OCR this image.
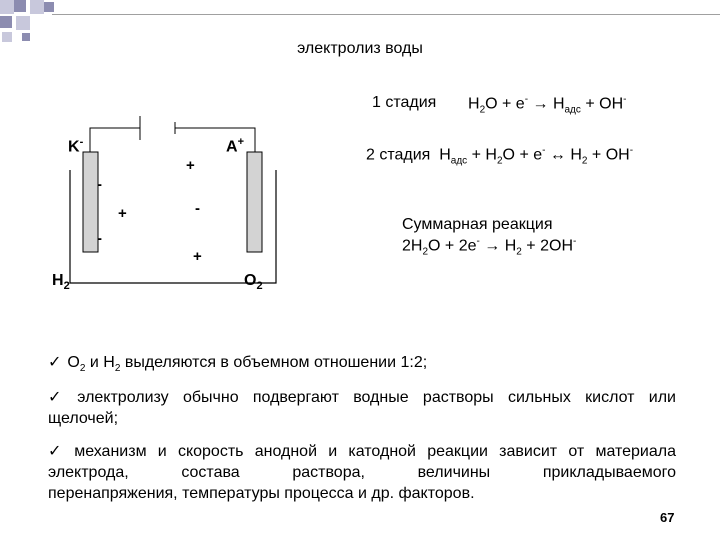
электролиз воды
K-	A+
$H_2$	$O_2$
+
-
+	-
-
+
1 стадия $H_2O + e^- \to H_{адс} + OH^-$
2 стадия $H_{адс} + H_2O + e^-$ ↔ $H_2 + OH^-$
Суммарная реакция
$2H_2O + 2e^- \to H_2 + 2OH^-$
✓ $O_2$ и $H_2$ выделяются в объемном отношении 1:2;
✓ электролизу обычно подвергают водные растворы сильных кислот или
щелочей;
✓ механизм и скорость анодной и катодной реакции зависит от материала
электрода, состава раствора, величины прикладываемого
перенапряжения, температуры процесса и др. факторов.
67
